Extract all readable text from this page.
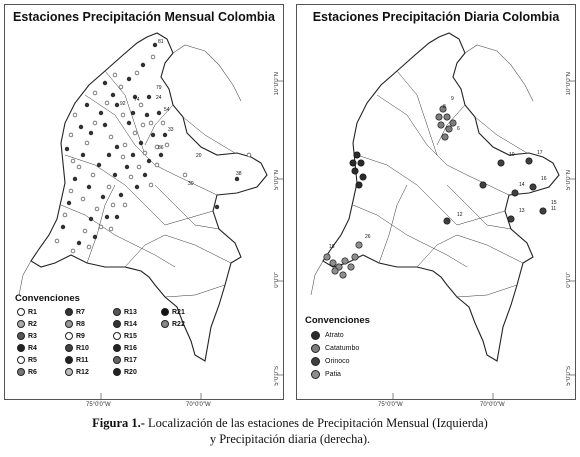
Estaciones Precipitación Mensual Colombia
81
92
74
54
33
86
20
38
30
79
24
Convenciones
R1
R2
R3
R4
R5
R6
R7
R8
R9
R10
R11
R12
R13
R14
R15
R16
R17
R20
R21
R22
Estaciones Precipitación Diaria Colombia
9
8
6
10	17
16
14
15
11
13
12
26
18
Convenciones
Atrato
Catatumbo
Orinoco
Patia
10°0'0"N
5°0'0"N
0°0'0"
5°0'0"S
75°0'0"W	70°0'0"W
10°0'0"N
5°0'0"N
0°0'0"
5°0'0"S
75°0'0"W	70°0'0"W
Figura 1.- Localización de las estaciones de Precipitación Mensual (Izquierda)
y Precipitación diaria (derecha).
